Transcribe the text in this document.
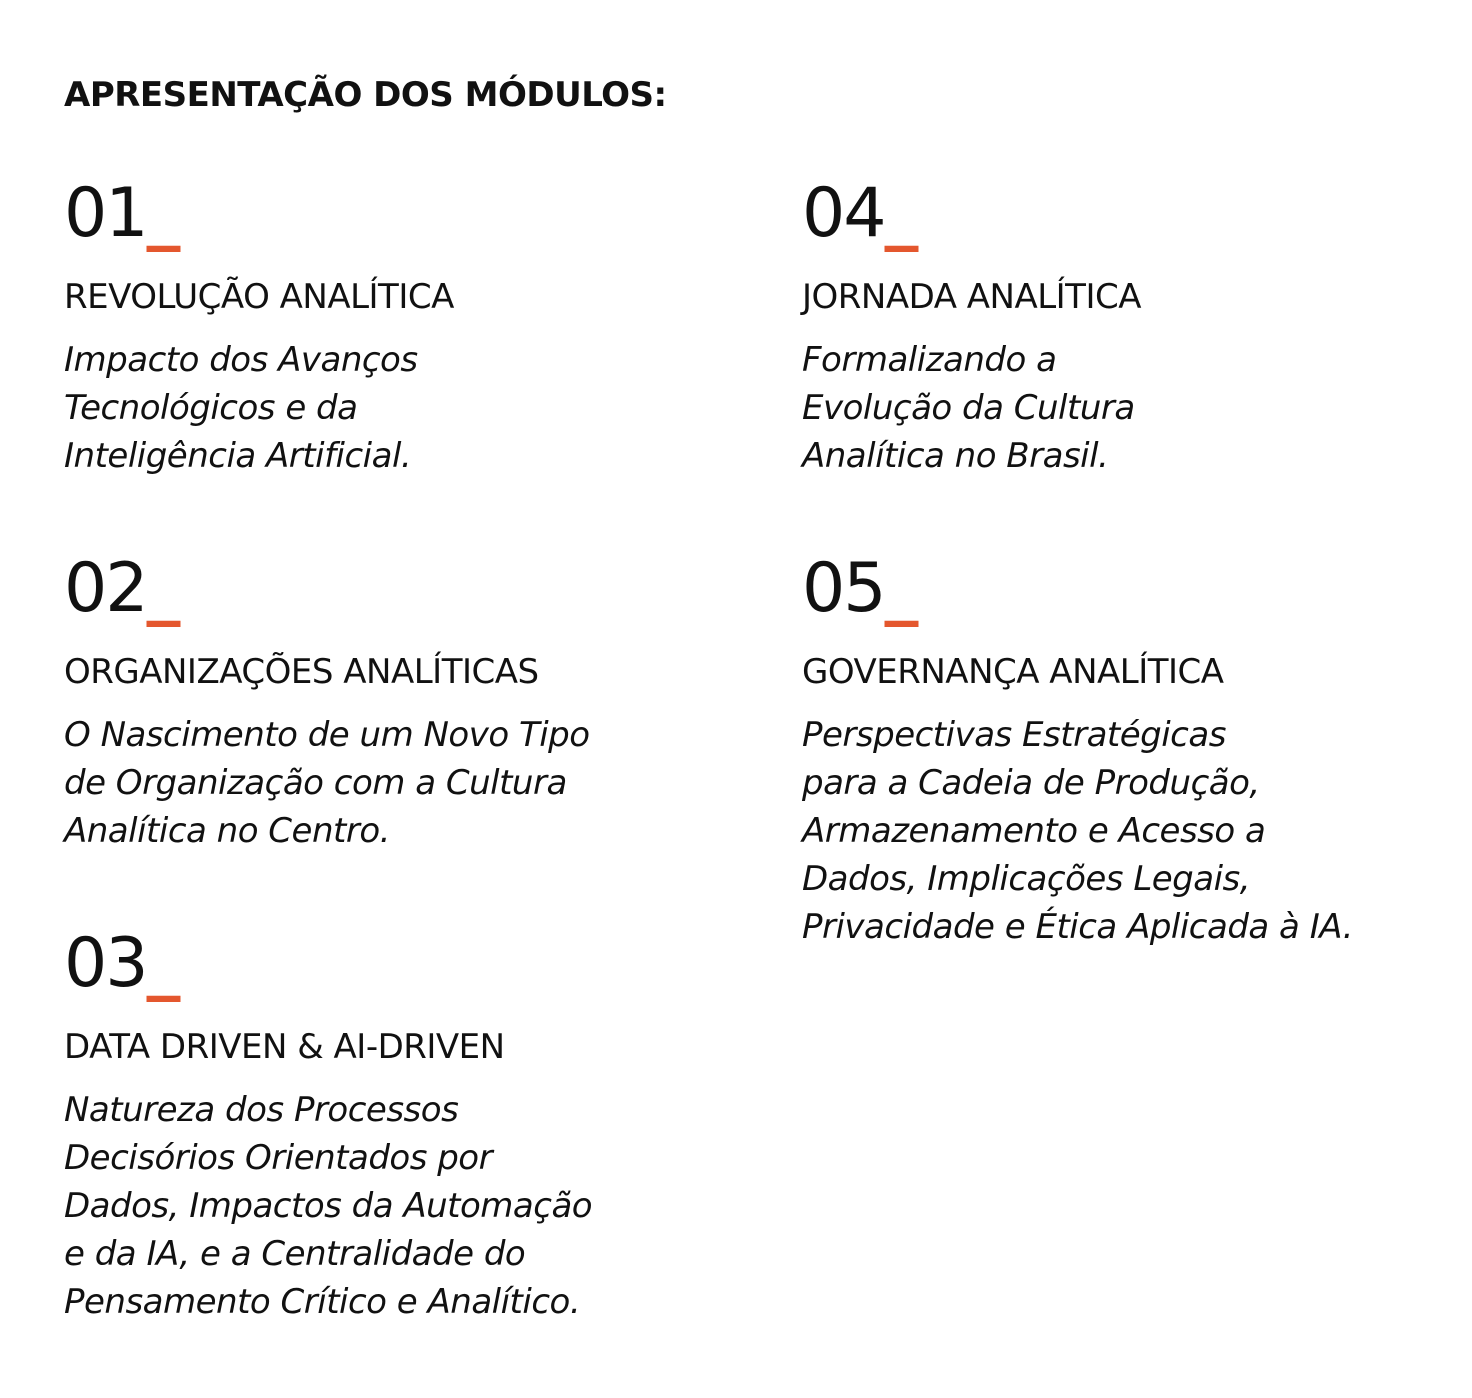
APRESENTAÇÃO DOS MÓDULOS:
01_
REVOLUÇÃO ANALÍTICA
Impacto dos Avanços
Tecnológicos e da
Inteligência Artificial.
02_
ORGANIZAÇÕES ANALÍTICAS
O Nascimento de um Novo Tipo
de Organização com a Cultura
Analítica no Centro.
03_
DATA DRIVEN & AI-DRIVEN
Natureza dos Processos
Decisórios Orientados por
Dados, Impactos da Automação
e da IA, e a Centralidade do
Pensamento Crítico e Analítico.
04_
JORNADA ANALÍTICA
Formalizando a
Evolução da Cultura
Analítica no Brasil.
05_
GOVERNANÇA ANALÍTICA
Perspectivas Estratégicas
para a Cadeia de Produção,
Armazenamento e Acesso a
Dados, Implicações Legais,
Privacidade e Ética Aplicada à IA.
